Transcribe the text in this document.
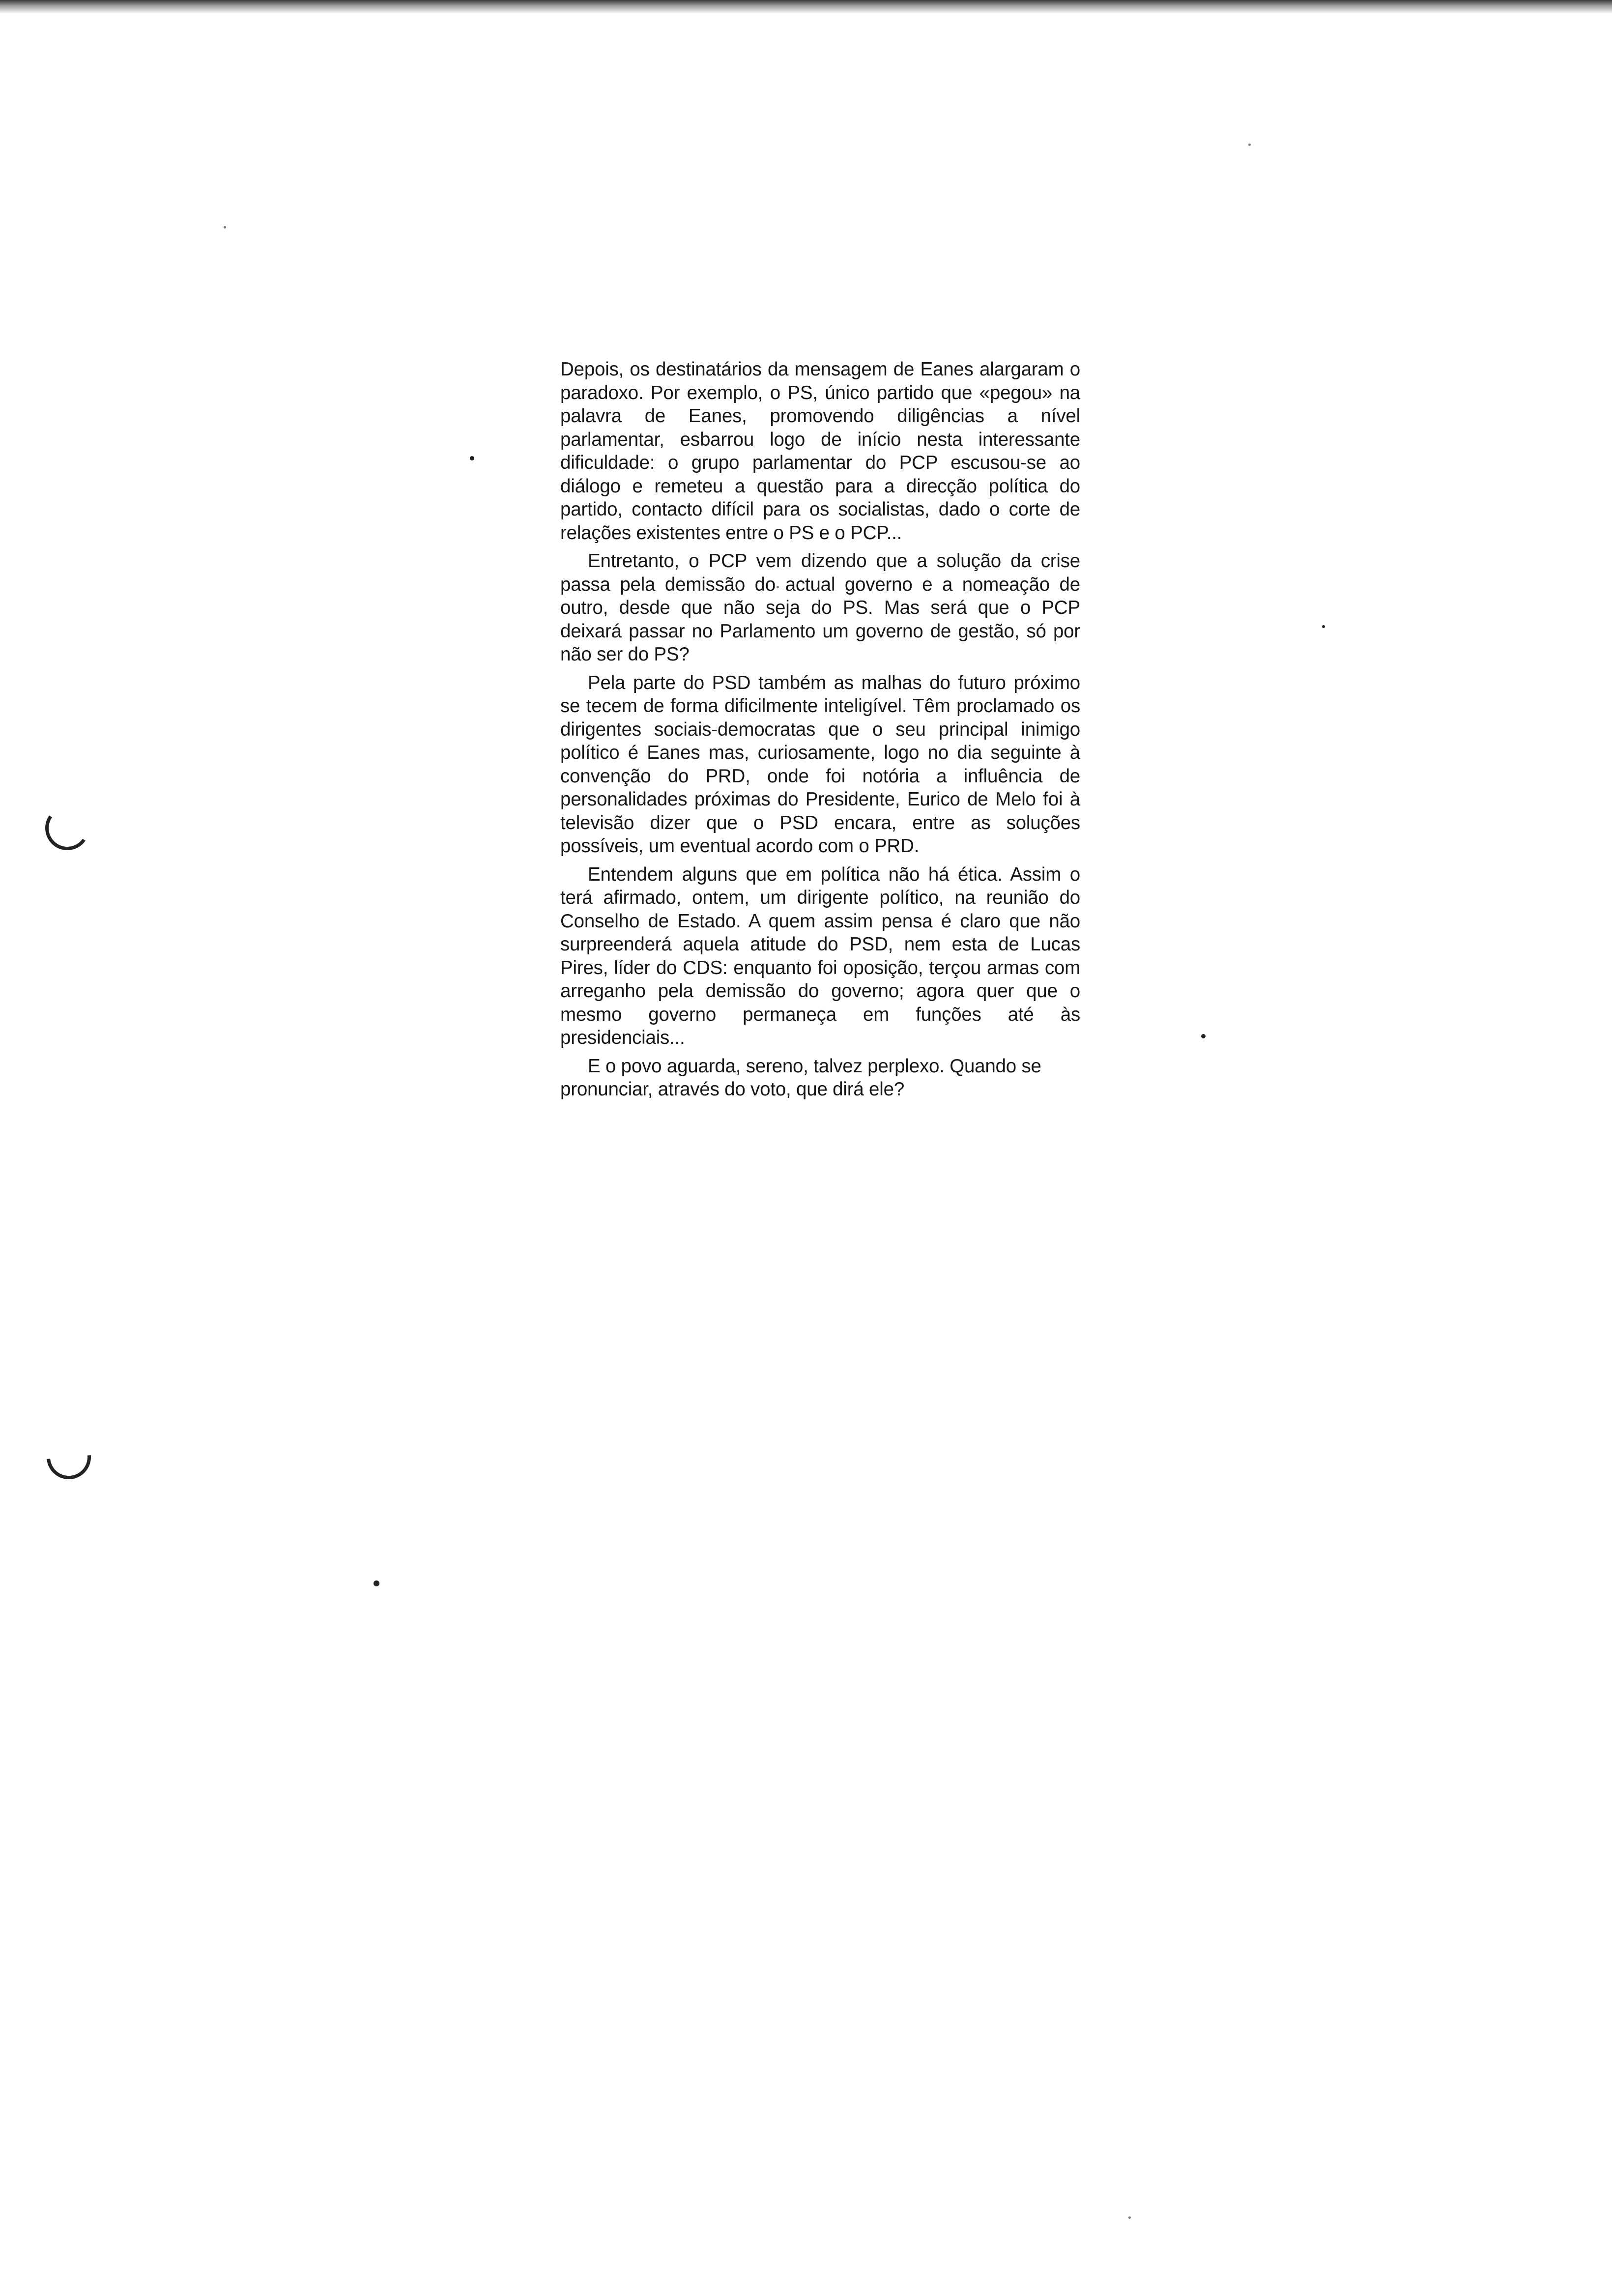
Depois, os destinatários da mensagem de Eanes alargaram o paradoxo. Por exemplo, o PS, único partido que «pegou» na palavra de Eanes, promovendo diligências a nível parlamentar, esbarrou logo de início nesta interessante dificuldade: o grupo parlamentar do PCP escusou-se ao diálogo e remeteu a questão para a direcção política do partido, contacto difícil para os socialistas, dado o corte de relações existentes entre o PS e o PCP...

Entretanto, o PCP vem dizendo que a solução da crise passa pela demissão do actual governo e a nomeação de outro, desde que não seja do PS. Mas será que o PCP deixará passar no Parlamento um governo de gestão, só por não ser do PS?

Pela parte do PSD também as malhas do futuro próximo se tecem de forma dificilmente inteligível. Têm proclamado os dirigentes sociais-democratas que o seu principal inimigo político é Eanes mas, curiosamente, logo no dia seguinte à convenção do PRD, onde foi notória a influência de personalidades próximas do Presidente, Eurico de Melo foi à televisão dizer que o PSD encara, entre as soluções possíveis, um eventual acordo com o PRD.

Entendem alguns que em política não há ética. Assim o terá afirmado, ontem, um dirigente político, na reunião do Conselho de Estado. A quem assim pensa é claro que não surpreenderá aquela atitude do PSD, nem esta de Lucas Pires, líder do CDS: enquanto foi oposição, terçou armas com arreganho pela demissão do governo; agora quer que o mesmo governo permaneça em funções até às presidenciais...

E o povo aguarda, sereno, talvez perplexo. Quando se pronunciar, através do voto, que dirá ele?
